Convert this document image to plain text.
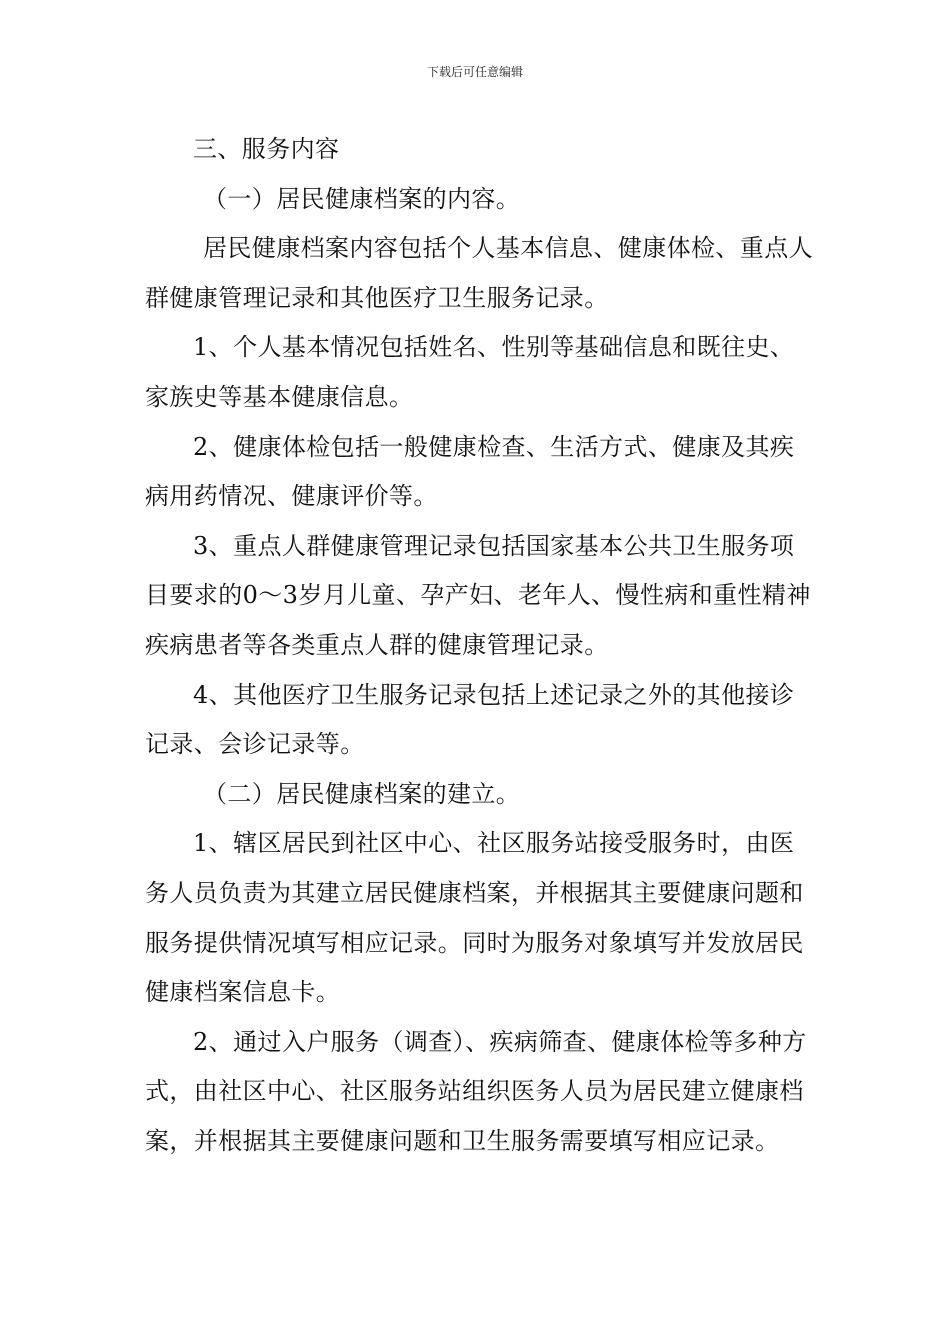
下载后可任意编辑

三、服务内容

（一）居民健康档案的内容。

居民健康档案内容包括个人基本信息、健康体检、重点人群健康管理记录和其他医疗卫生服务记录。

1、个人基本情况包括姓名、性别等基础信息和既往史、家族史等基本健康信息。

2、健康体检包括一般健康检查、生活方式、健康及其疾病用药情况、健康评价等。

3、重点人群健康管理记录包括国家基本公共卫生服务项目要求的0～3岁月儿童、孕产妇、老年人、慢性病和重性精神疾病患者等各类重点人群的健康管理记录。

4、其他医疗卫生服务记录包括上述记录之外的其他接诊记录、会诊记录等。

（二）居民健康档案的建立。

1、辖区居民到社区中心、社区服务站接受服务时，由医务人员负责为其建立居民健康档案，并根据其主要健康问题和服务提供情况填写相应记录。同时为服务对象填写并发放居民健康档案信息卡。

2、通过入户服务（调查）、疾病筛查、健康体检等多种方式，由社区中心、社区服务站组织医务人员为居民建立健康档案，并根据其主要健康问题和卫生服务需要填写相应记录。
